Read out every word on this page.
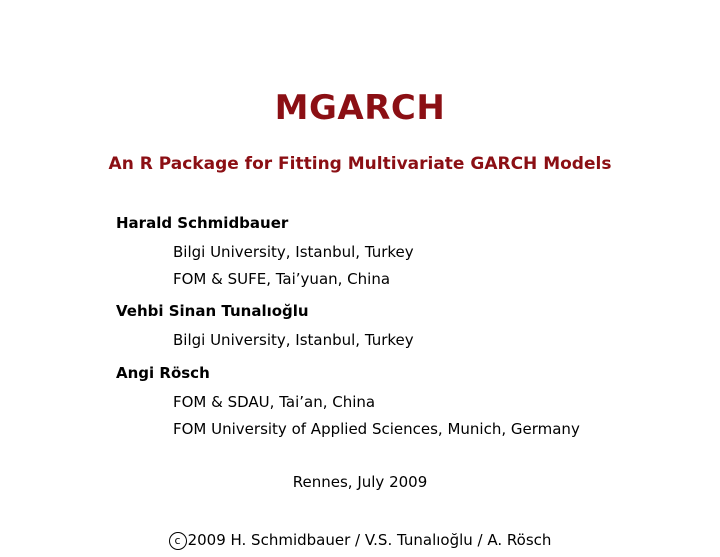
MGARCH
An R Package for Fitting Multivariate GARCH Models
Harald Schmidbauer
Bilgi University, Istanbul, Turkey
FOM & SUFE, Tai’yuan, China
Vehbi Sinan Tunalıoğlu
Bilgi University, Istanbul, Turkey
Angi Rösch
FOM & SDAU, Tai’an, China
FOM University of Applied Sciences, Munich, Germany
Rennes, July 2009
c 2009 H. Schmidbauer / V.S. Tunalıoğlu / A. Rösch
